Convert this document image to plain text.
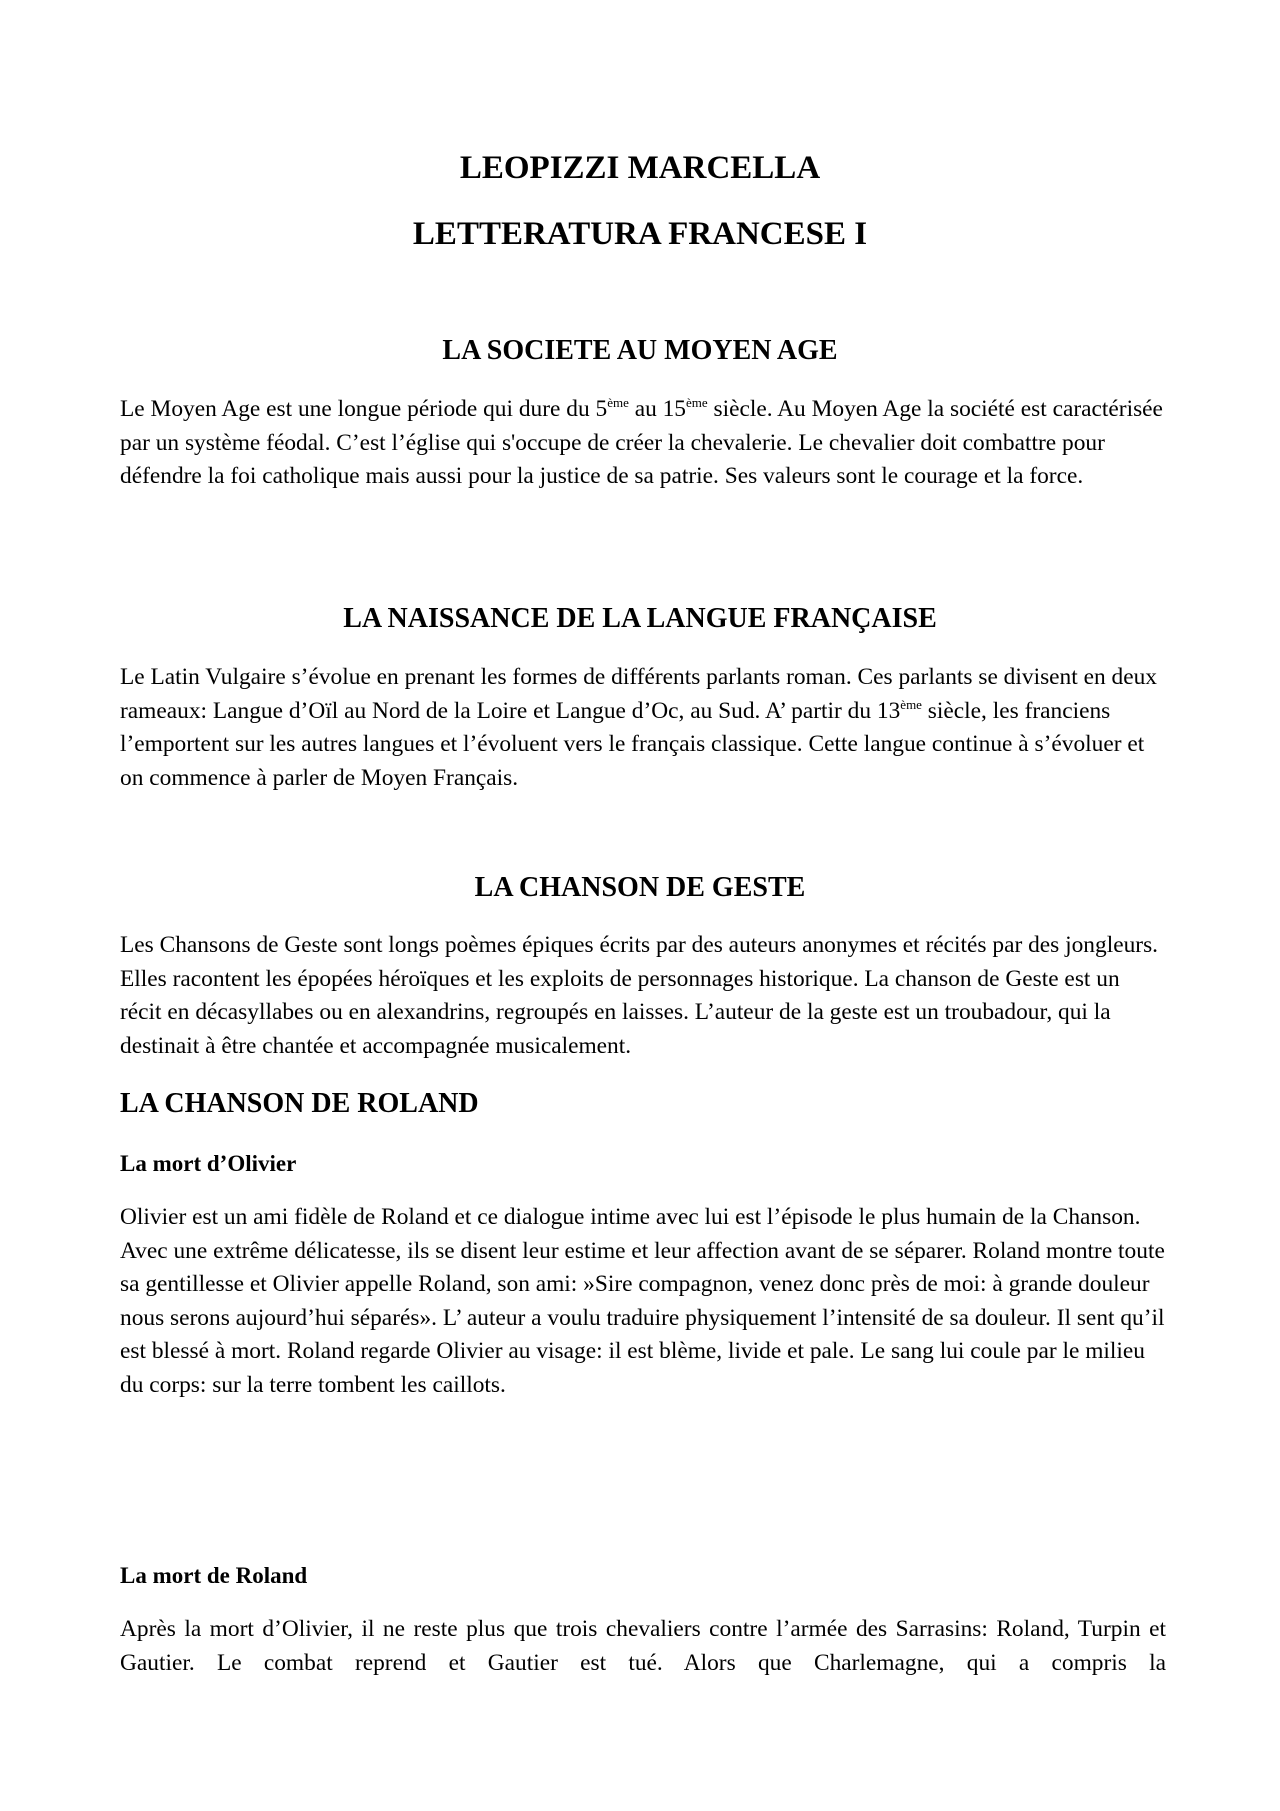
LEOPIZZI MARCELLA
LETTERATURA FRANCESE I
LA SOCIETE AU MOYEN AGE

Le Moyen Age est une longue période qui dure du 5ème au 15ème siècle. Au Moyen Age la société est caractérisée par un système féodal. C’est l’église qui s'occupe de créer la chevalerie. Le chevalier doit combattre pour défendre la foi catholique mais aussi pour la justice de sa patrie. Ses valeurs sont le courage et la force.

LA NAISSANCE DE LA LANGUE FRANÇAISE

Le Latin Vulgaire s’évolue en prenant les formes de différents parlants roman. Ces parlants se divisent en deux rameaux: Langue d’Oïl au Nord de la Loire et Langue d’Oc, au Sud. A’ partir du 13ème siècle, les franciens l’emportent sur les autres langues et l’évoluent vers le français classique. Cette langue continue à s’évoluer et on commence à parler de Moyen Français.

LA CHANSON DE GESTE

Les Chansons de Geste sont longs poèmes épiques écrits par des auteurs anonymes et récités par des jongleurs. Elles racontent les épopées héroïques et les exploits de personnages historique. La chanson de Geste est un récit en décasyllabes ou en alexandrins, regroupés en laisses. L’auteur de la geste est un troubadour, qui la destinait à être chantée et accompagnée musicalement.

LA CHANSON DE ROLAND
La mort d’Olivier

Olivier est un ami fidèle de Roland et ce dialogue intime avec lui est l’épisode le plus humain de la Chanson. Avec une extrême délicatesse, ils se disent leur estime et leur affection avant de se séparer. Roland montre toute sa gentillesse et Olivier appelle Roland, son ami: »Sire compagnon, venez donc près de moi: à grande douleur nous serons aujourd’hui séparés». L’ auteur a voulu traduire physiquement l’intensité de sa douleur. Il sent qu’il est blessé à mort. Roland regarde Olivier au visage: il est blème, livide et pale. Le sang lui coule par le milieu du corps: sur la terre tombent les caillots.

La mort de Roland

Après la mort d’Olivier, il ne reste plus que trois chevaliers contre l’armée des Sarrasins: Roland, Turpin et Gautier. Le combat reprend et Gautier est tué. Alors que Charlemagne, qui a compris la
